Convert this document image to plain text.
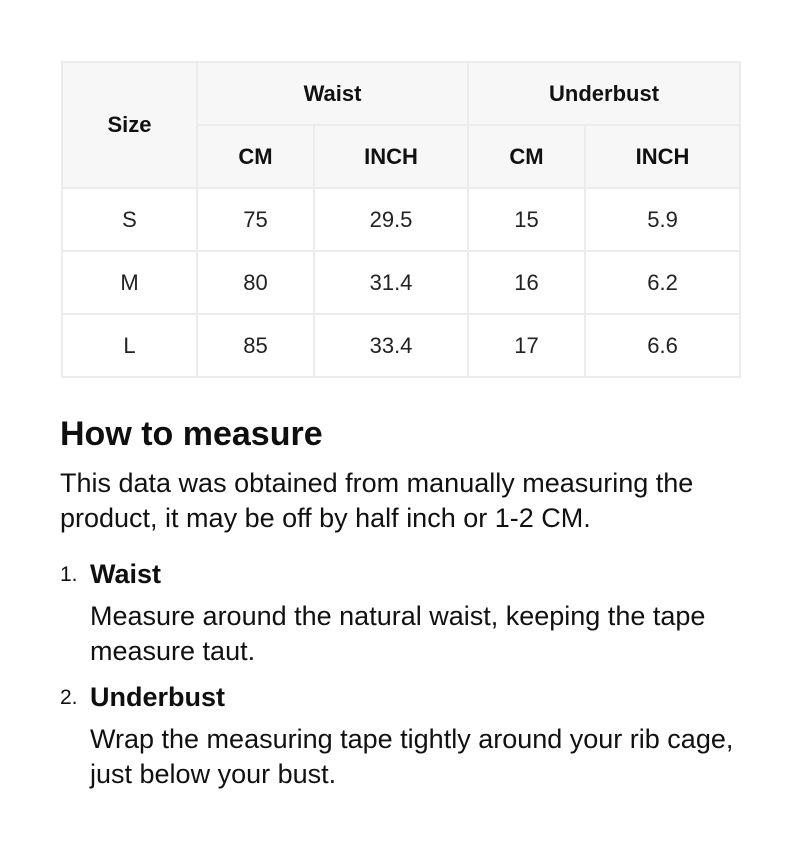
Size	Waist		Underbust	
	CM	INCH	CM	INCH
S	75	29.5	15	5.9
M	80	31.4	16	6.2
L	85	33.4	17	6.6
How to measure

This data was obtained from manually measuring the product, it may be off by half inch or 1-2 CM.

1. Waist
Measure around the natural waist, keeping the tape measure taut.
2. Underbust
Wrap the measuring tape tightly around your rib cage, just below your bust.
